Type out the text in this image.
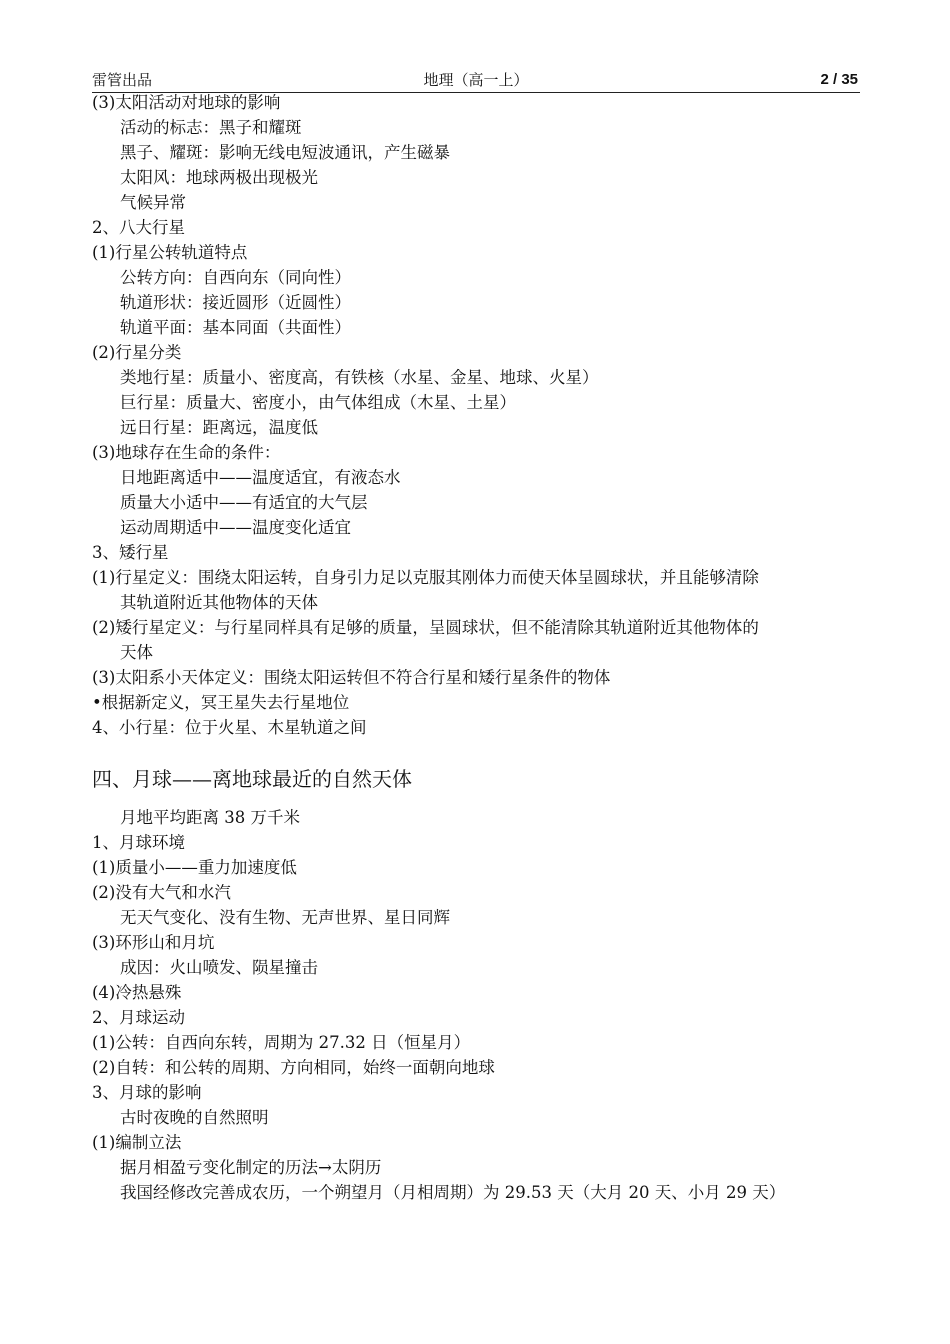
雷管出品	地理（高一上）	2 / 35
(3)太阳活动对地球的影响
活动的标志：黑子和耀斑
黑子、耀斑：影响无线电短波通讯，产生磁暴
太阳风：地球两极出现极光
气候异常
2、八大行星
(1)行星公转轨道特点
公转方向：自西向东（同向性）
轨道形状：接近圆形（近圆性）
轨道平面：基本同面（共面性）
(2)行星分类
类地行星：质量小、密度高，有铁核（水星、金星、地球、火星）
巨行星：质量大、密度小，由气体组成（木星、土星）
远日行星：距离远，温度低
(3)地球存在生命的条件：
日地距离适中——温度适宜，有液态水
质量大小适中——有适宜的大气层
运动周期适中——温度变化适宜
3、矮行星
(1)行星定义：围绕太阳运转，自身引力足以克服其刚体力而使天体呈圆球状，并且能够清除
其轨道附近其他物体的天体
(2)矮行星定义：与行星同样具有足够的质量，呈圆球状，但不能清除其轨道附近其他物体的
天体
(3)太阳系小天体定义：围绕太阳运转但不符合行星和矮行星条件的物体
•根据新定义，冥王星失去行星地位
4、小行星：位于火星、木星轨道之间
四、月球——离地球最近的自然天体
月地平均距离 38 万千米
1、月球环境
(1)质量小——重力加速度低
(2)没有大气和水汽
无天气变化、没有生物、无声世界、星日同辉
(3)环形山和月坑
成因：火山喷发、陨星撞击
(4)冷热悬殊
2、月球运动
(1)公转：自西向东转，周期为 27.32 日（恒星月）
(2)自转：和公转的周期、方向相同，始终一面朝向地球
3、月球的影响
古时夜晚的自然照明
(1)编制立法
据月相盈亏变化制定的历法→太阴历
我国经修改完善成农历，一个朔望月（月相周期）为 29.53 天（大月 20 天、小月 29 天）
